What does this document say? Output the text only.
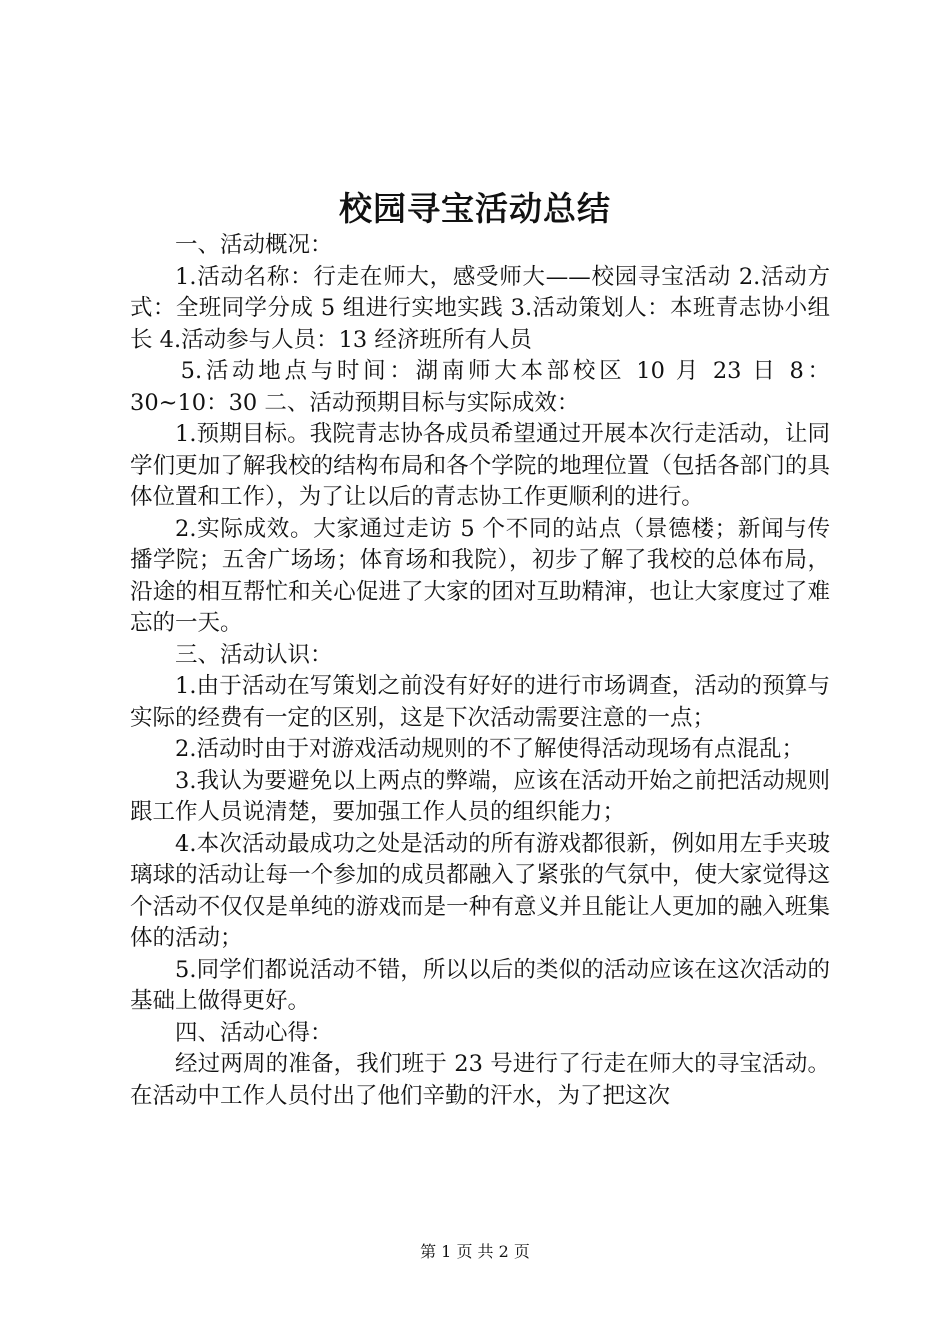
校园寻宝活动总结

一、活动概况：

1.活动名称：行走在师大，感受师大——校园寻宝活动 2.活动方式：全班同学分成 5 组进行实地实践 3.活动策划人：本班青志协小组长 4.活动参与人员：13 经济班所有人员

5.活动地点与时间：湖南师大本部校区 10 月 23 日 8：30~10：30 二、活动预期目标与实际成效：

1.预期目标。我院青志协各成员希望通过开展本次行走活动，让同学们更加了解我校的结构布局和各个学院的地理位置（包括各部门的具体位置和工作），为了让以后的青志协工作更顺利的进行。

2.实际成效。大家通过走访 5 个不同的站点（景德楼；新闻与传播学院；五舍广场场；体育场和我院），初步了解了我校的总体布局，沿途的相互帮忙和关心促进了大家的团对互助精渖，也让大家度过了难忘的一天。

三、活动认识：

1.由于活动在写策划之前没有好好的进行市场调查，活动的预算与实际的经费有一定的区别，这是下次活动需要注意的一点；

2.活动时由于对游戏活动规则的不了解使得活动现场有点混乱；

3.我认为要避免以上两点的弊端，应该在活动开始之前把活动规则跟工作人员说清楚，要加强工作人员的组织能力；

4.本次活动最成功之处是活动的所有游戏都很新，例如用左手夹玻璃球的活动让每一个参加的成员都融入了紧张的气氛中，使大家觉得这个活动不仅仅是单纯的游戏而是一种有意义并且能让人更加的融入班集体的活动；

5.同学们都说活动不错，所以以后的类似的活动应该在这次活动的基础上做得更好。

四、活动心得：

经过两周的准备，我们班于 23 号进行了行走在师大的寻宝活动。在活动中工作人员付出了他们辛勤的汗水，为了把这次

第 1 页 共 2 页
